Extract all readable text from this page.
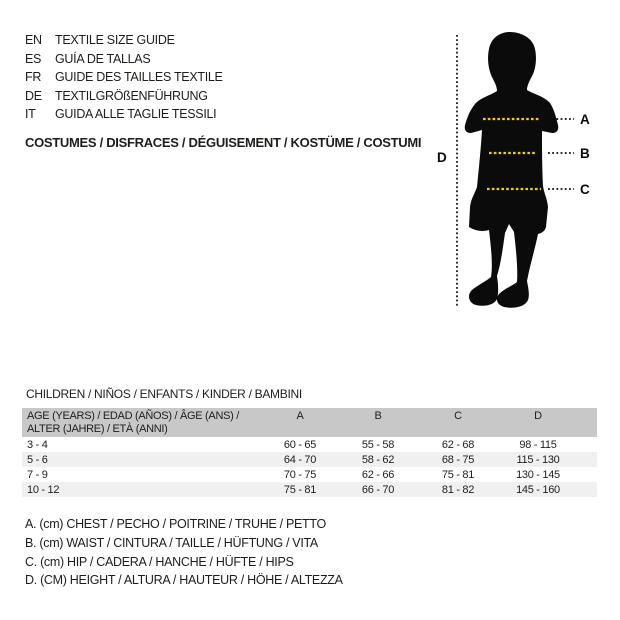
EN TEXTILE SIZE GUIDE
ES GUÍA DE TALLAS
FR GUIDE DES TAILLES TEXTILE
DE TEXTILGRÖßENFÜHRUNG
IT GUIDA ALLE TAGLIE TESSILI
COSTUMES / DISFRACES / DÉGUISEMENT / KOSTÜME / COSTUMI
A
B
C
D
CHILDREN / NIÑOS / ENFANTS / KINDER / BAMBINI
AGE (YEARS) / EDAD (AÑOS) / ÂGE (ANS) /
ALTER (JAHRE) / ETÀ (ANNI)	A	B	C	D	
3 - 4	60 - 65	55 - 58	62 - 68	98 - 115	
5 - 6	64 - 70	58 - 62	68 - 75	115 - 130	
7 - 9	70 - 75	62 - 66	75 - 81	130 - 145	
10 - 12	75 - 81	66 - 70	81 - 82	145 - 160	
A. (cm) CHEST / PECHO / POITRINE / TRUHE / PETTO
B. (cm) WAIST / CINTURA / TAILLE / HÜFTUNG / VITA
C. (cm) HIP / CADERA / HANCHE / HÜFTE / HIPS
D. (CM) HEIGHT / ALTURA / HAUTEUR / HÖHE / ALTEZZA
